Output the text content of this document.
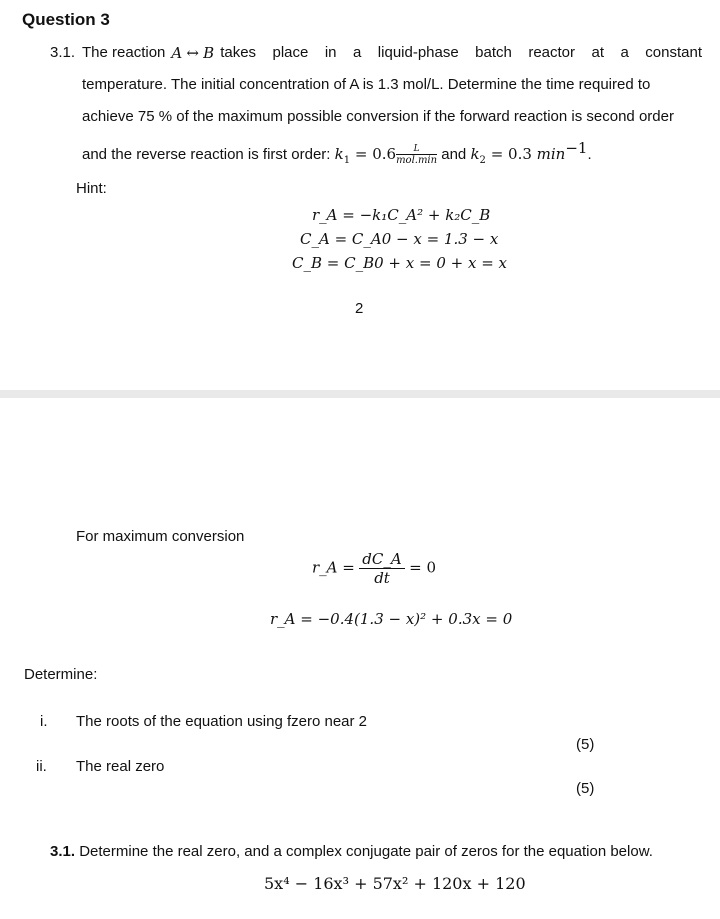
Question 3
3.1. The reaction A ↔ B takes place in a liquid-phase batch reactor at a constant
temperature. The initial concentration of A is 1.3 mol/L. Determine the time required to
achieve 75 % of the maximum possible conversion if the forward reaction is second order
and the reverse reaction is first order: $k_1 = 0.6 \frac{L}{\text{mol.min}}$ and $k_2 = 0.3$ $\min^{-1}$.
Hint:
r_A = −k₁C_A² + k₂C_B
C_A = C_A0 − x = 1.3 − x
C_B = C_B0 + x = 0 + x = x
2
For maximum conversion
r_A = $\frac{dC\_A}{dt} = 0$
r_A = −0.4(1.3 − x)² + 0.3x = 0
Determine:
i. The roots of the equation using fzero near 2
(5)
ii. The real zero
(5)
3.1. Determine the real zero, and a complex conjugate pair of zeros for the equation below.
5x⁴ − 16x³ + 57x² + 120x + 120
